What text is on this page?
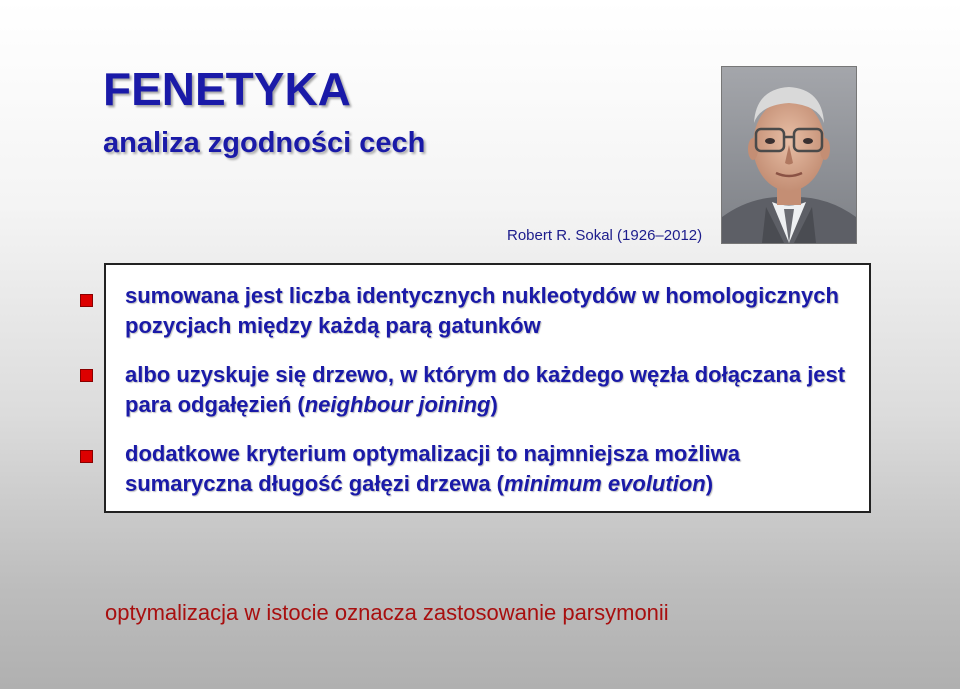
FENETYKA
analiza zgodności cech
Robert R. Sokal (1926–2012)
sumowana jest liczba identycznych nukleotydów w homologicznych pozycjach między każdą parą gatunków
albo uzyskuje się drzewo, w którym do każdego węzła dołączana jest para odgałęzień (neighbour joining)
dodatkowe kryterium optymalizacji to najmniejsza możliwa sumaryczna długość gałęzi drzewa (minimum evolution)
optymalizacja w istocie oznacza zastosowanie parsymonii
